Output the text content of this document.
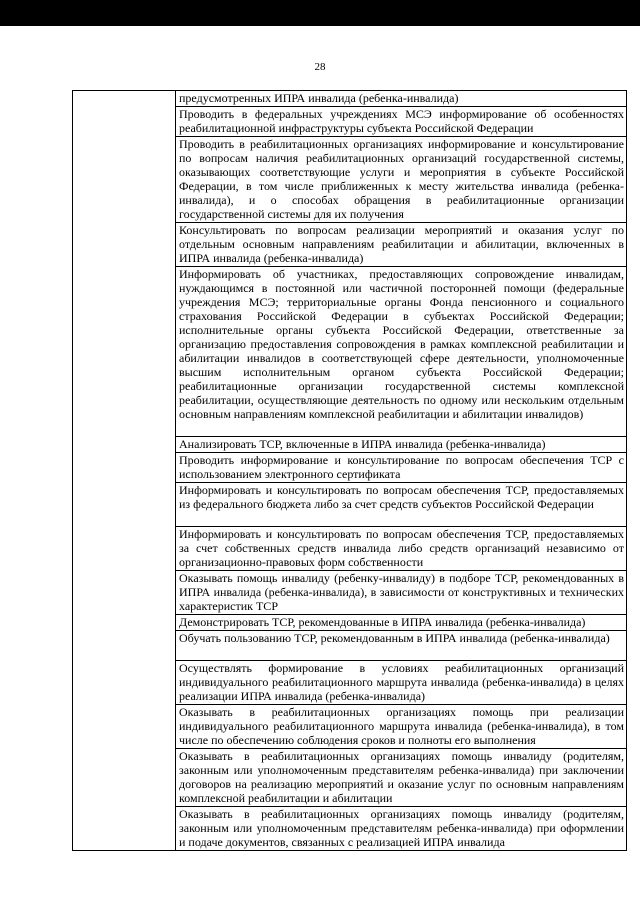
28
	предусмотренных ИПРА инвалида (ребенка-инвалида)
Проводить в федеральных учреждениях МСЭ информирование об особенностях реабилитационной инфраструктуры субъекта Российской Федерации
Проводить в реабилитационных организациях информирование и консультирование по вопросам наличия реабилитационных организаций государственной системы, оказывающих соответствующие услуги и мероприятия в субъекте Российской Федерации, в том числе приближенных к месту жительства инвалида (ребенка-инвалида), и о способах обращения в реабилитационные организации государственной системы для их получения
Консультировать по вопросам реализации мероприятий и оказания услуг по отдельным основным направлениям реабилитации и абилитации, включенных в ИПРА инвалида (ребенка-инвалида)
Информировать об участниках, предоставляющих сопровождение инвалидам, нуждающимся в постоянной или частичной посторонней помощи (федеральные учреждения МСЭ; территориальные органы Фонда пенсионного и социального страхования Российской Федерации в субъектах Российской Федерации; исполнительные органы субъекта Российской Федерации, ответственные за организацию предоставления сопровождения в рамках комплексной реабилитации и абилитации инвалидов в соответствующей сфере деятельности, уполномоченные высшим исполнительным органом субъекта Российской Федерации; реабилитационные организации государственной системы комплексной реабилитации, осуществляющие деятельность по одному или нескольким отдельным основным направлениям комплексной реабилитации и абилитации инвалидов)
Анализировать ТСР, включенные в ИПРА инвалида (ребенка-инвалида)
Проводить информирование и консультирование по вопросам обеспечения ТСР с использованием электронного сертификата
Информировать и консультировать по вопросам обеспечения ТСР, предоставляемых из федерального бюджета либо за счет средств субъектов Российской Федерации
Информировать и консультировать по вопросам обеспечения ТСР, предоставляемых за счет собственных средств инвалида либо средств организаций независимо от организационно-правовых форм собственности
Оказывать помощь инвалиду (ребенку-инвалиду) в подборе ТСР, рекомендованных в ИПРА инвалида (ребенка-инвалида), в зависимости от конструктивных и технических характеристик ТСР
Демонстрировать ТСР, рекомендованные в ИПРА инвалида (ребенка-инвалида)
Обучать пользованию ТСР, рекомендованным в ИПРА инвалида (ребенка-инвалида)
Осуществлять формирование в условиях реабилитационных организаций индивидуального реабилитационного маршрута инвалида (ребенка-инвалида) в целях реализации ИПРА инвалида (ребенка-инвалида)
Оказывать в реабилитационных организациях помощь при реализации индивидуального реабилитационного маршрута инвалида (ребенка-инвалида), в том числе по обеспечению соблюдения сроков и полноты его выполнения
Оказывать в реабилитационных организациях помощь инвалиду (родителям, законным или уполномоченным представителям ребенка-инвалида) при заключении договоров на реализацию мероприятий и оказание услуг по основным направлениям комплексной реабилитации и абилитации
Оказывать в реабилитационных организациях помощь инвалиду (родителям, законным или уполномоченным представителям ребенка-инвалида) при оформлении и подаче документов, связанных с реализацией ИПРА инвалида
